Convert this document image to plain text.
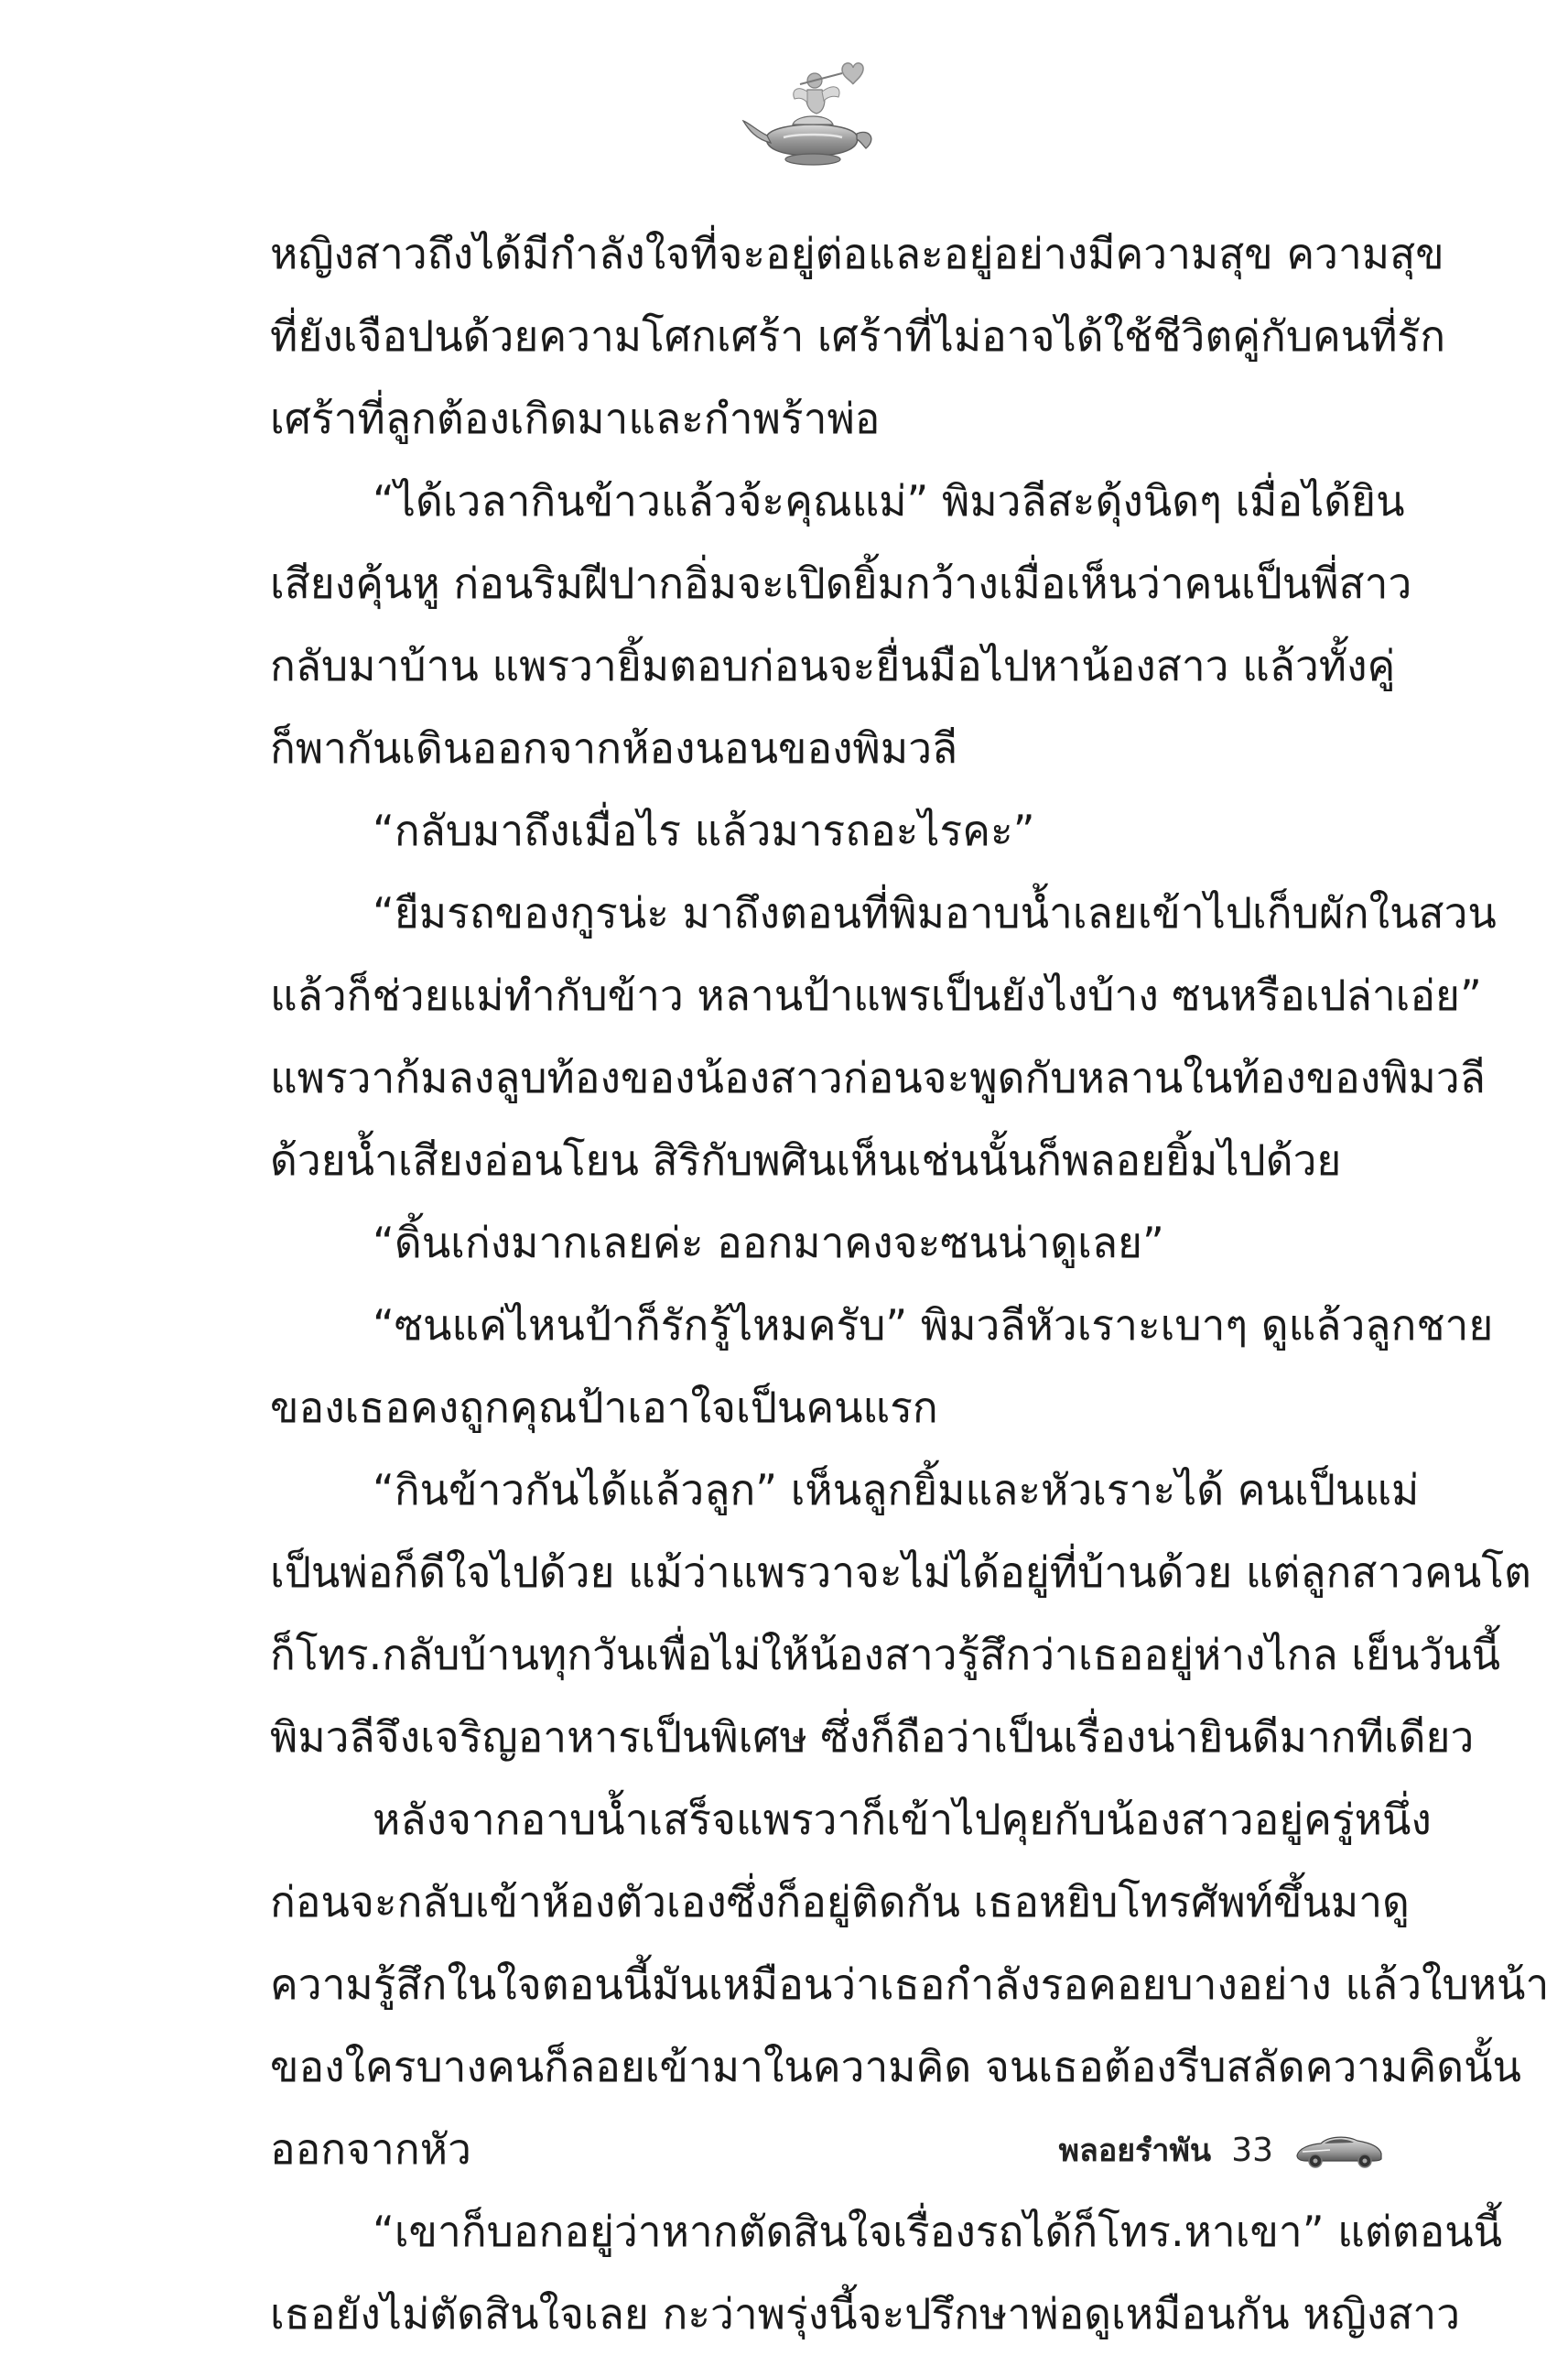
หญิงสาวถึงได้มีกำลังใจที่จะอยู่ต่อและอยู่อย่างมีความสุข ความสุข
ที่ยังเจือปนด้วยความโศกเศร้า เศร้าที่ไม่อาจได้ใช้ชีวิตคู่กับคนที่รัก
เศร้าที่ลูกต้องเกิดมาและกำพร้าพ่อ
“ได้เวลากินข้าวแล้วจ้ะคุณแม่” พิมวลีสะดุ้งนิดๆ เมื่อได้ยิน
เสียงคุ้นหู ก่อนริมฝีปากอิ่มจะเปิดยิ้มกว้างเมื่อเห็นว่าคนเป็นพี่สาว
กลับมาบ้าน แพรวายิ้มตอบก่อนจะยื่นมือไปหาน้องสาว แล้วทั้งคู่
ก็พากันเดินออกจากห้องนอนของพิมวลี
“กลับมาถึงเมื่อไร แล้วมารถอะไรคะ”
“ยืมรถของกูรน่ะ มาถึงตอนที่พิมอาบน้ำเลยเข้าไปเก็บผักในสวน
แล้วก็ช่วยแม่ทำกับข้าว หลานป้าแพรเป็นยังไงบ้าง ซนหรือเปล่าเอ่ย”
แพรวาก้มลงลูบท้องของน้องสาวก่อนจะพูดกับหลานในท้องของพิมวลี
ด้วยน้ำเสียงอ่อนโยน สิริกับพศินเห็นเช่นนั้นก็พลอยยิ้มไปด้วย
“ดิ้นเก่งมากเลยค่ะ ออกมาคงจะซนน่าดูเลย”
“ซนแค่ไหนป้าก็รักรู้ไหมครับ” พิมวลีหัวเราะเบาๆ ดูแล้วลูกชาย
ของเธอคงถูกคุณป้าเอาใจเป็นคนแรก
“กินข้าวกันได้แล้วลูก” เห็นลูกยิ้มและหัวเราะได้ คนเป็นแม่
เป็นพ่อก็ดีใจไปด้วย แม้ว่าแพรวาจะไม่ได้อยู่ที่บ้านด้วย แต่ลูกสาวคนโต
ก็โทร.กลับบ้านทุกวันเพื่อไม่ให้น้องสาวรู้สึกว่าเธออยู่ห่างไกล เย็นวันนี้
พิมวลีจึงเจริญอาหารเป็นพิเศษ ซึ่งก็ถือว่าเป็นเรื่องน่ายินดีมากทีเดียว
หลังจากอาบน้ำเสร็จแพรวาก็เข้าไปคุยกับน้องสาวอยู่ครู่หนึ่ง
ก่อนจะกลับเข้าห้องตัวเองซึ่งก็อยู่ติดกัน เธอหยิบโทรศัพท์ขึ้นมาดู
ความรู้สึกในใจตอนนี้มันเหมือนว่าเธอกำลังรอคอยบางอย่าง แล้วใบหน้า
ของใครบางคนก็ลอยเข้ามาในความคิด จนเธอต้องรีบสลัดความคิดนั้น
ออกจากหัว
“เขาก็บอกอยู่ว่าหากตัดสินใจเรื่องรถได้ก็โทร.หาเขา” แต่ตอนนี้
เธอยังไม่ตัดสินใจเลย กะว่าพรุ่งนี้จะปรึกษาพ่อดูเหมือนกัน หญิงสาว
พลอยรำพัน 33
